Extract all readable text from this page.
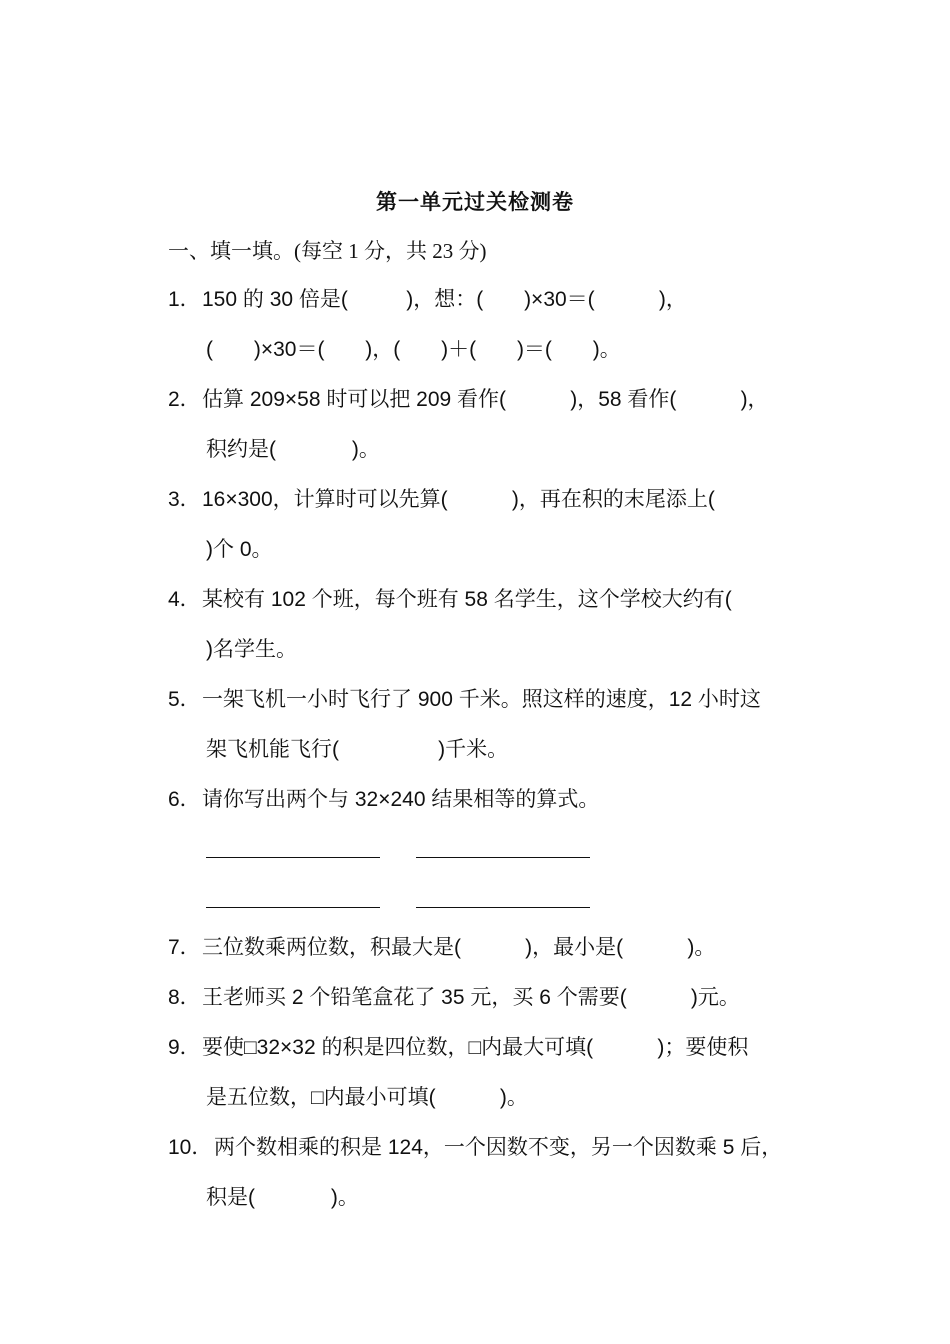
第一单元过关检测卷
一、填一填。(每空 1 分，共 23 分)
1． 150 的 30 倍是(          )，想：(       )×30＝(           )，
(       )×30＝(       )，(       )＋(       )＝(       )。
2． 估算 209×58 时可以把 209 看作(           )，58 看作(           )，
积约是(             )。
3． 16×300，计算时可以先算(           )，再在积的末尾添上(
)个 0。
4． 某校有 102 个班，每个班有 58 名学生，这个学校大约有(
)名学生。
5． 一架飞机一小时飞行了 900 千米。照这样的速度，12 小时这
架飞机能飞行(                 )千米。
6． 请你写出两个与 32×240 结果相等的算式。
7． 三位数乘两位数，积最大是(           )，最小是(           )。
8． 王老师买 2 个铅笔盒花了 35 元，买 6 个需要(           )元。
9． 要使□32×32 的积是四位数，□内最大可填(           )；要使积
是五位数，□内最小可填(           )。
10． 两个数相乘的积是 124，一个因数不变，另一个因数乘 5 后，
积是(             )。
